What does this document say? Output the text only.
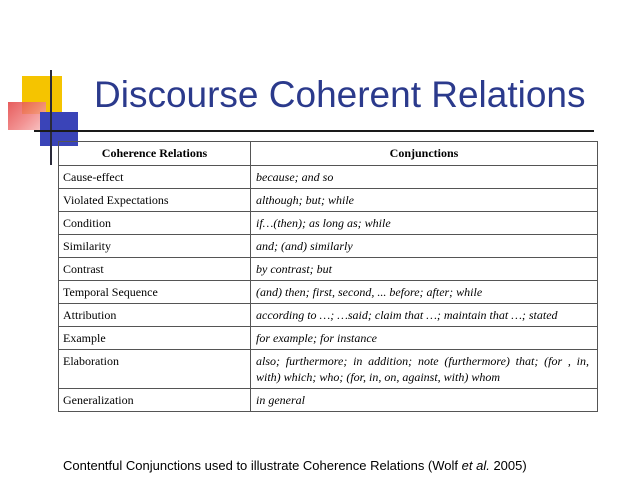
Discourse Coherent Relations
Coherence Relations	Conjunctions
Cause-effect	because; and so
Violated Expectations	although; but; while
Condition	if…(then); as long as; while
Similarity	and; (and) similarly
Contrast	by contrast; but
Temporal Sequence	(and) then; first, second, ... before; after; while
Attribution	according to …; …said; claim that …; maintain that …; stated
Example	for example; for instance
Elaboration	also; furthermore; in addition; note (furthermore) that; (for , in, with) which; who; (for, in, on, against, with) whom
Generalization	in general
Contentful Conjunctions used to illustrate Coherence Relations (Wolf et al. 2005)
